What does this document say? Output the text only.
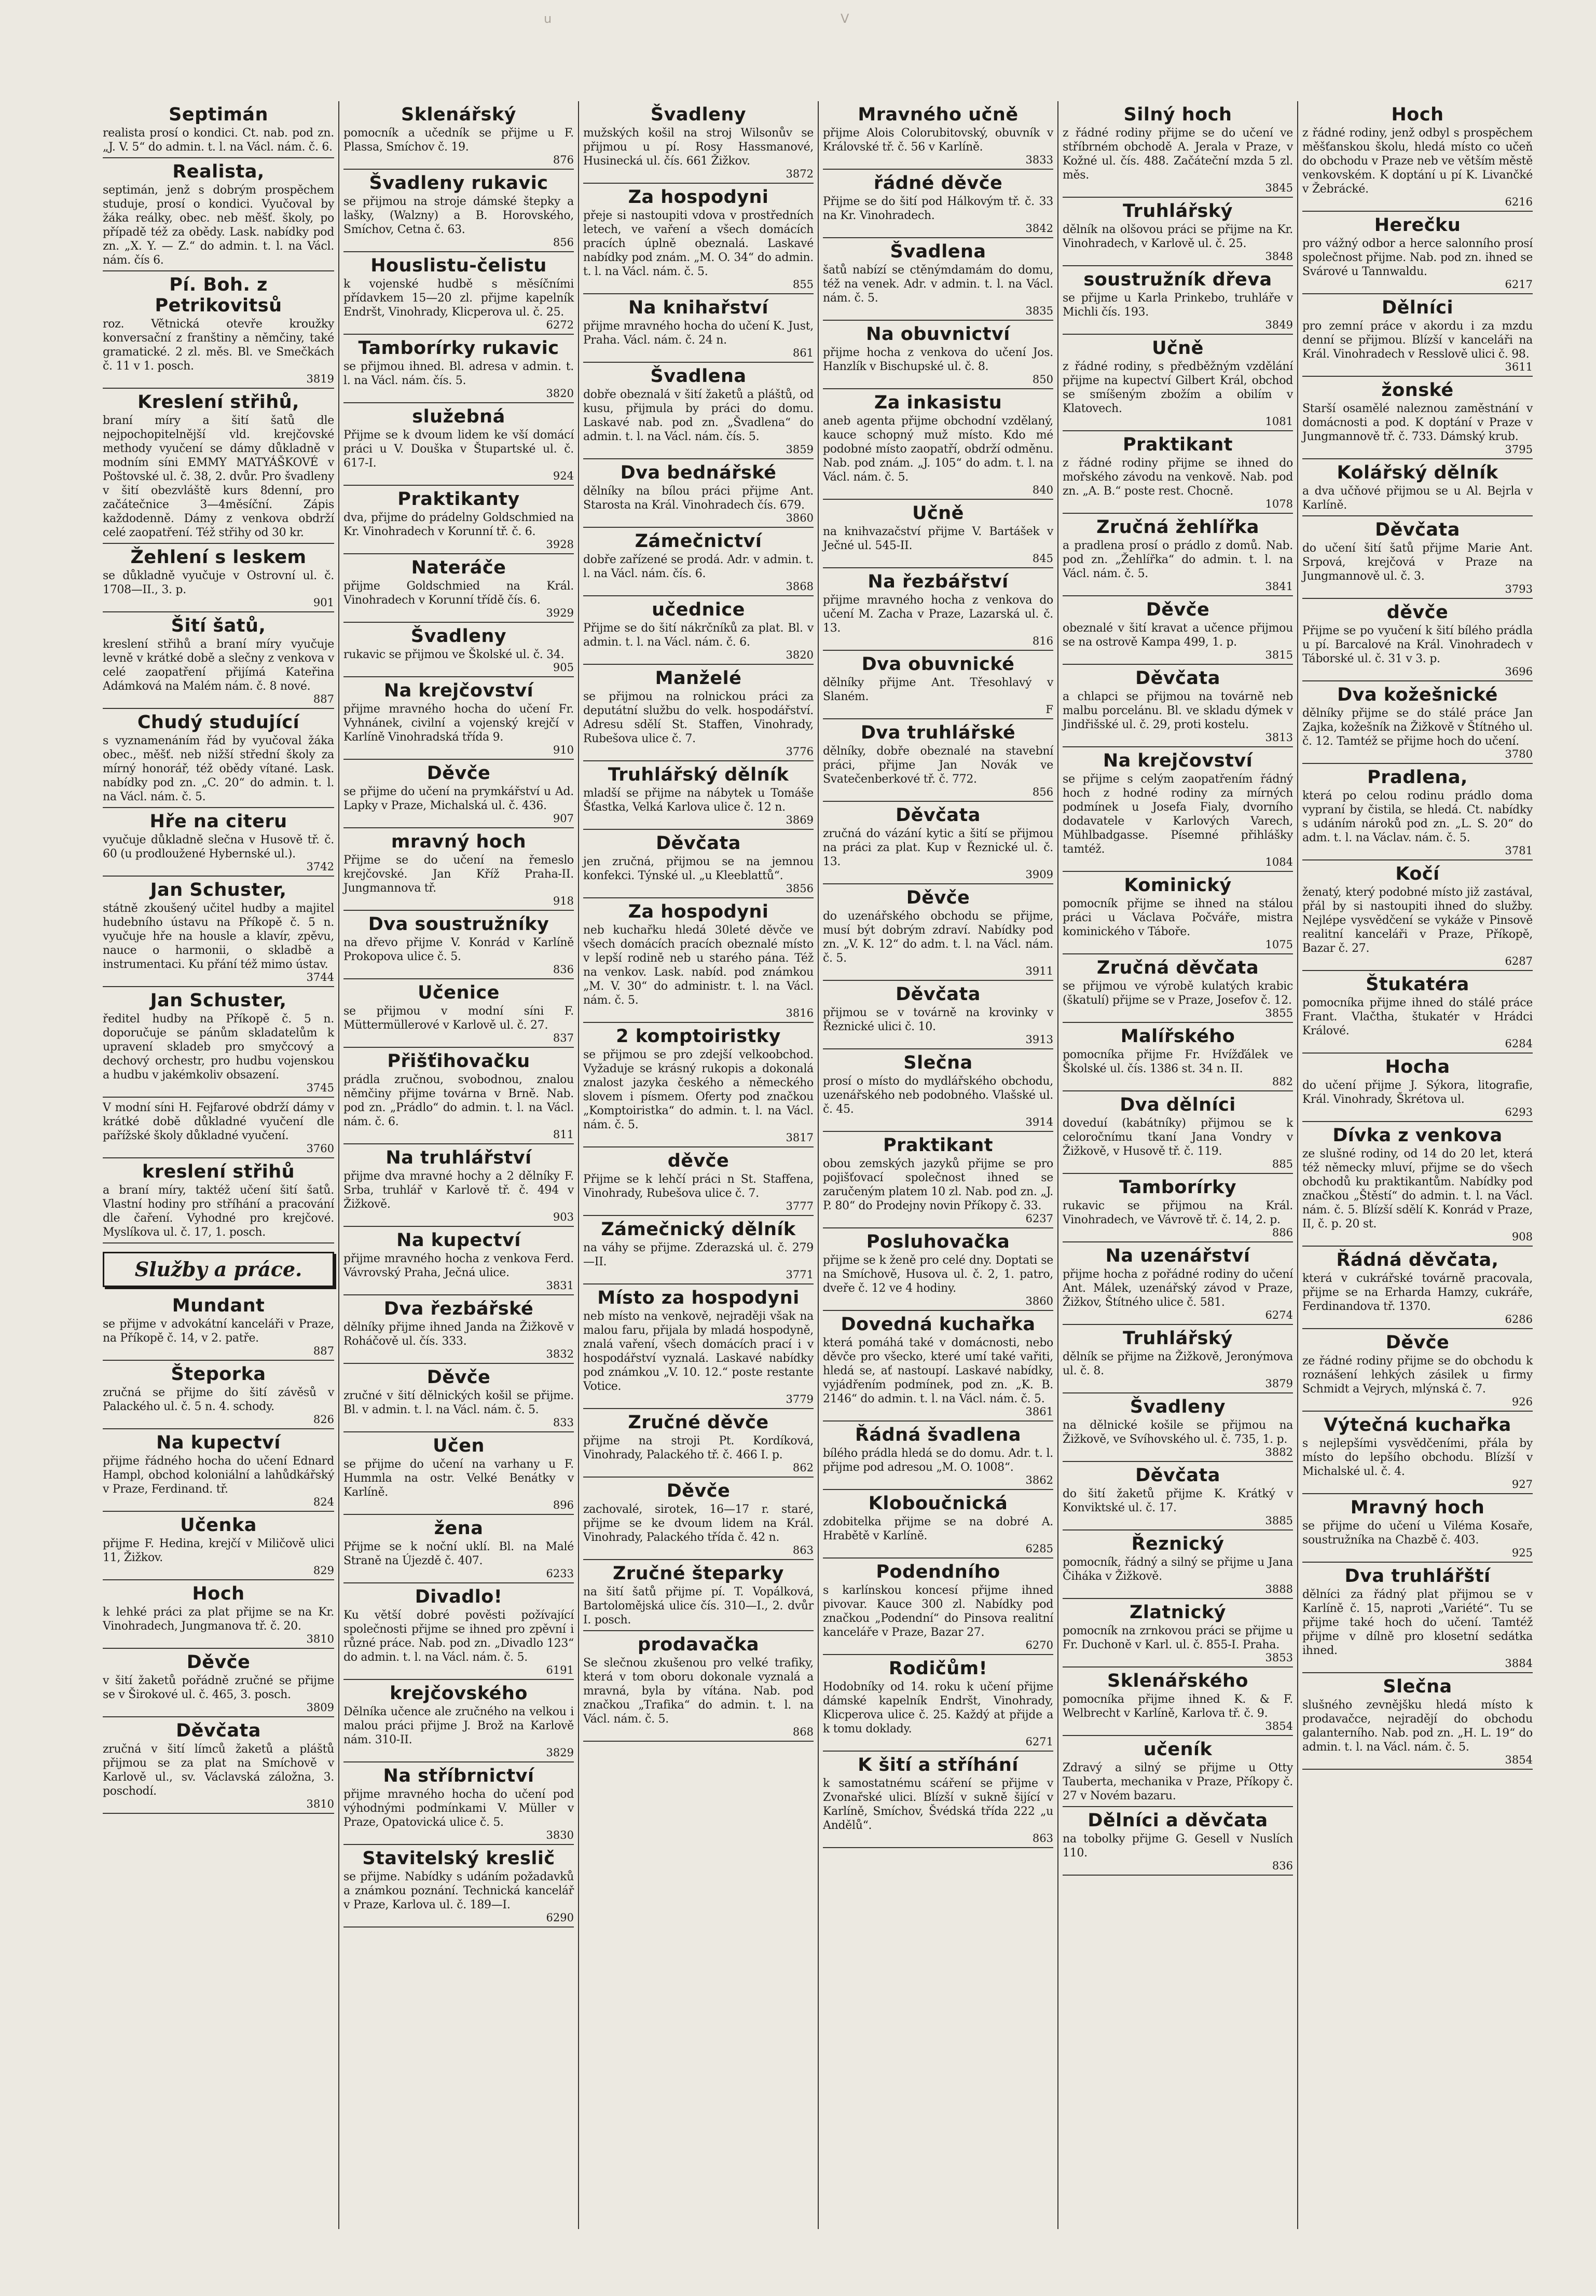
u	V
Septimán

realista prosí o kondici. Ct. nab. pod zn. „J. V. 5“ do admin. t. l. na Václ. nám. č. 6.

Realista,

septimán, jenž s dobrým prospěchem studuje, prosí o kondici. Vyučoval by žáka reálky, obec. neb měšť. školy, po případě též za obědy. Lask. nabídky pod zn. „X. Y. — Z.“ do admin. t. l. na Václ. nám. čís 6.

Pí. Boh. z Petrikovitsů

roz. Větnická otevře kroužky konversační z franštiny a němčiny, také gramatické. 2 zl. měs. Bl. ve Smečkách č. 11 v 1. posch.

3819
Kreslení střihů,

braní míry a šití šatů dle nejpochopitelnější vld. krejčovské methody vyučení se dámy důkladně v modním síni EMMY MATYÁŠKOVÉ v Poštovské ul. č. 38, 2. dvůr. Pro švadleny v šití obezvláště kurs 8denní, pro začátečnice 3—4měsíční. Zápis každodenně. Dámy z venkova obdrží celé zaopatření. Též střihy od 30 kr.

Žehlení s leskem

se důkladně vyučuje v Ostrovní ul. č. 1708—II., 3. p.

901
Šití šatů,

kreslení střihů a braní míry vyučuje levně v krátké době a slečny z venkova v celé zaopatření přijímá Kateřina Adámková na Malém nám. č. 8 nové.

887
Chudý studující

s vyznamenáním řád by vyučoval žáka obec., měšť. neb nižší střední školy za mírný honorář, též obědy vítané. Lask. nabídky pod zn. „C. 20“ do admin. t. l. na Václ. nám. č. 5.

Hře na citeru

vyučuje důkladně slečna v Husově tř. č. 60 (u prodloužené Hybernské ul.).

3742
Jan Schuster,

státně zkoušený učitel hudby a majitel hudebního ústavu na Příkopě č. 5 n. vyučuje hře na housle a klavír, zpěvu, nauce o harmonii, o skladbě a instrumentaci. Ku přání též mimo ústav.

3744
Jan Schuster,

ředitel hudby na Příkopě č. 5 n. doporučuje se pánům skladatelům k upravení skladeb pro smyčcový a dechový orchestr, pro hudbu vojenskou a hudbu v jakémkoliv obsazení.

3745

V modní síni H. Fejfarové obdrží dámy v krátké době důkladné vyučení dle pařížské školy důkladné vyučení.

3760
kreslení střihů

a braní míry, taktéž učení šití šatů. Vlastní hodiny pro stříhání a pracování dle čaření. Vyhodné pro krejčové. Myslíkova ul. č. 17, 1. posch.

Služby a práce.
Mundant

se přijme v advokátní kanceláři v Praze, na Příkopě č. 14, v 2. patře.

887
Šteporka

zručná se přijme do šití závěsů v Palackého ul. č. 5 n. 4. schody.

826
Na kupectví

přijme řádného hocha do učení Ednard Hampl, obchod koloniální a lahůdkářský v Praze, Ferdinand. tř.

824
Učenka

přijme F. Hedina, krejčí v Miličově ulici 11, Žižkov.

829
Hoch

k lehké práci za plat přijme se na Kr. Vinohradech, Jungmanova tř. č. 20.

3810
Děvče

v šití žaketů pořádně zručné se přijme se v Širokové ul. č. 465, 3. posch.

3809
Děvčata

zručná v šití límců žaketů a pláštů přijmou se za plat na Smíchově v Karlově ul., sv. Václavská záložna, 3. poschodí.

3810
Sklenářský

pomocník a učedník se přijme u F. Plassa, Smíchov č. 19.

876
Švadleny rukavic

se přijmou na stroje dámské štepky a lašky, (Walzny) a B. Horovského, Smíchov, Cetna č. 63.

856
Houslistu-čelistu

k vojenské hudbě s měsíčními přídavkem 15—20 zl. přijme kapelník Endršt, Vinohrady, Klicperova ul. č. 25.

6272
Tamborírky rukavic

se přijmou ihned. Bl. adresa v admin. t. l. na Václ. nám. čís. 5.

3820
služebná

Přijme se k dvoum lidem ke vší domácí práci u V. Douška v Štupartské ul. č. 617-I.

924
Praktikanty

dva, přijme do prádelny Goldschmied na Kr. Vinohradech v Korunní tř. č. 6.

3928
Nateráče

přijme Goldschmied na Král. Vinohradech v Korunní třídě čís. 6.

3929
Švadleny

rukavic se přijmou ve Školské ul. č. 34.

905
Na krejčovství

přijme mravného hocha do učení Fr. Vyhnánek, civilní a vojenský krejčí v Karlíně Vinohradská třída 9.

910
Děvče

se přijme do učení na prymkářství u Ad. Lapky v Praze, Michalská ul. č. 436.

907
mravný hoch

Přijme se do učení na řemeslo krejčovské. Jan Kříž Praha-II. Jungmannova tř.

918
Dva soustružníky

na dřevo přijme V. Konrád v Karlíně Prokopova ulice č. 5.

836
Učenice

se přijmou v modní síni F. Müttermüllerové v Karlově ul. č. 27.

837
Přišťihovačku

prádla zručnou, svobodnou, znalou němčiny přijme továrna v Brně. Nab. pod zn. „Prádlo“ do admin. t. l. na Václ. nám. č. 6.

811
Na truhlářství

přijme dva mravné hochy a 2 dělníky F. Srba, truhlář v Karlově tř. č. 494 v Žižkově.

903
Na kupectví

přijme mravného hocha z venkova Ferd. Vávrovský Praha, Ječná ulice.

3831
Dva řezbářské

dělníky přijme ihned Janda na Žižkově v Roháčově ul. čís. 333.

3832
Děvče

zručné v šití dělnických košil se přijme. Bl. v admin. t. l. na Václ. nám. č. 5.

833
Učen

se přijme do učení na varhany u F. Hummla na ostr. Velké Benátky v Karlíně.

896
žena

Přijme se k noční uklí. Bl. na Malé Straně na Újezdě č. 407.

6233
Divadlo!

Ku větší dobré pověsti požívající společnosti přijme se ihned pro zpěvní i různé práce. Nab. pod zn. „Divadlo 123“ do admin. t. l. na Václ. nám. č. 5.

6191
krejčovského

Dělníka učence ale zručného na velkou i malou práci přijme J. Brož na Karlově nám. 310-II.

3829
Na stříbrnictví

přijme mravného hocha do učení pod výhodnými podmínkami V. Müller v Praze, Opatovická ulice č. 5.

3830
Stavitelský kreslič

se přijme. Nabídky s udáním požadavků a známkou poznání. Technická kancelář v Praze, Karlova ul. č. 189—I.

6290
Švadleny

mužských košil na stroj Wilsonův se přijmou u pí. Rosy Hassmanové, Husinecká ul. čís. 661 Žižkov.

3872
Za hospodyni

přeje si nastoupiti vdova v prostředních letech, ve vaření a všech domácích pracích úplně obeznalá. Laskavé nabídky pod znám. „M. O. 34“ do admin. t. l. na Václ. nám. č. 5.

855
Na knihařství

přijme mravného hocha do učení K. Just, Praha. Václ. nám. č. 24 n.

861
Švadlena

dobře obeznalá v šití žaketů a pláštů, od kusu, přijmula by práci do domu. Laskavé nab. pod zn. „Švadlena“ do admin. t. l. na Václ. nám. čís. 5.

3859
Dva bednářské

dělníky na bílou práci přijme Ant. Starosta na Král. Vinohradech čís. 679.

3860
Zámečnictví

dobře zařízené se prodá. Adr. v admin. t. l. na Václ. nám. čís. 6.

3868
učednice

Přijme se do šití nákrčníků za plat. Bl. v admin. t. l. na Václ. nám. č. 6.

3820
Manželé

se přijmou na rolnickou práci za deputátní službu do velk. hospodářství. Adresu sdělí St. Staffen, Vinohrady, Rubešova ulice č. 7.

3776
Truhlářský dělník

mladší se přijme na nábytek u Tomáše Šťastka, Velká Karlova ulice č. 12 n.

3869
Děvčata

jen zručná, přijmou se na jemnou konfekci. Týnské ul. „u Kleeblattů“.

3856
Za hospodyni

neb kuchařku hledá 30leté děvče ve všech domácích pracích obeznalé místo v lepší rodině neb u starého pána. Též na venkov. Lask. nabíd. pod známkou „M. V. 30“ do administr. t. l. na Václ. nám. č. 5.

3816
2 komptoiristky

se přijmou se pro zdejší velkoobchod. Vyžaduje se krásný rukopis a dokonalá znalost jazyka českého a německého slovem i písmem. Oferty pod značkou „Komptoiristka“ do admin. t. l. na Václ. nám. č. 5.

3817
děvče

Přijme se k lehčí práci n St. Staffena, Vinohrady, Rubešova ulice č. 7.

3777
Zámečnický dělník

na váhy se přijme. Zderazská ul. č. 279—II.

3771
Místo za hospodyni

neb místo na venkově, nejraději však na malou faru, přijala by mladá hospodyně, znalá vaření, všech domácích prací i v hospodářství vyznalá. Laskavé nabídky pod známkou „V. 10. 12.“ poste restante Votice.

3779
Zručné děvče

přijme na stroji Pt. Kordíková, Vinohrady, Palackého tř. č. 466 I. p.

862
Děvče

zachovalé, sirotek, 16—17 r. staré, přijme se ke dvoum lidem na Král. Vinohrady, Palackého třída č. 42 n.

863
Zručné šteparky

na šití šatů přijme pí. T. Vopálková, Bartolomějská ulice čís. 310—I., 2. dvůr I. posch.

prodavačka

Se slečnou zkušenou pro velké trafiky, která v tom oboru dokonale vyznalá a mravná, byla by vítána. Nab. pod značkou „Trafika“ do admin. t. l. na Václ. nám. č. 5.

868
Mravného učně

přijme Alois Colorubitovský, obuvník v Královské tř. č. 56 v Karlíně.

3833
řádné děvče

Přijme se do šití pod Hálkovým tř. č. 33 na Kr. Vinohradech.

3842
Švadlena

šatů nabízí se ctěnýmdamám do domu, též na venek. Adr. v admin. t. l. na Václ. nám. č. 5.

3835
Na obuvnictví

přijme hocha z venkova do učení Jos. Hanzlík v Bischupské ul. č. 8.

850
Za inkasistu

aneb agenta přijme obchodní vzdělaný, kauce schopný muž místo. Kdo mé podobné místo zaopatří, obdrží odměnu. Nab. pod znám. „J. 105“ do adm. t. l. na Václ. nám. č. 5.

840
Učně

na knihvazačství přijme V. Bartášek v Ječné ul. 545-II.

845
Na řezbářství

přijme mravného hocha z venkova do učení M. Zacha v Praze, Lazarská ul. č. 13.

816
Dva obuvnické

dělníky přijme Ant. Třesohlavý v Slaném.

F
Dva truhlářské

dělníky, dobře obeznalé na stavební práci, přijme Jan Novák ve Svatečenberkové tř. č. 772.

856
Děvčata

zručná do vázání kytic a šití se přijmou na práci za plat. Kup v Řeznické ul. č. 13.

3909
Děvče

do uzenářského obchodu se přijme, musí být dobrým zdraví. Nabídky pod zn. „V. K. 12“ do adm. t. l. na Václ. nám. č. 5.

3911
Děvčata

přijmou se v továrně na krovinky v Řeznické ulici č. 10.

3913
Slečna

prosí o místo do mydlářského obchodu, uzenářského neb podobného. Vlašské ul. č. 45.

3914
Praktikant

obou zemských jazyků přijme se pro pojišťovací společnost ihned se zaručeným platem 10 zl. Nab. pod zn. „J. P. 80“ do Prodejny novin Příkopy č. 33.

6237
Posluhovačka

přijme se k ženě pro celé dny. Doptati se na Smíchově, Husova ul. č. 2, 1. patro, dveře č. 12 ve 4 hodiny.

3860
Dovedná kuchařka

která pomáhá také v domácnosti, nebo děvče pro všecko, které umí také vařiti, hledá se, ať nastoupí. Laskavé nabídky, vyjádřením podmínek, pod zn. „K. B. 2146“ do admin. t. l. na Václ. nám. č. 5.

3861
Řádná švadlena

bílého prádla hledá se do domu. Adr. t. l. přijme pod adresou „M. O. 1008“.

3862
Kloboučnická

zdobitelka přijme se na dobré A. Hrabětě v Karlíně.

6285
Podendního

s karlínskou koncesí přijme ihned pivovar. Kauce 300 zl. Nabídky pod značkou „Podendní“ do Pinsova realitní kanceláře v Praze, Bazar 27.

6270
Rodičům!

Hodobníky od 14. roku k učení přijme dámské kapelník Endršt, Vinohrady, Klicperova ulice č. 25. Každý at přijde a k tomu doklady.

6271
K šití a stříhání

k samostatnému scáření se přijme v Zvonařské ulici. Blízší v sukně šijící v Karlíně, Smíchov, Švédská třída 222 „u Andělů“.

863
Silný hoch

z řádné rodiny přijme se do učení ve stříbrném obchodě A. Jerala v Praze, v Kožné ul. čís. 488. Začáteční mzda 5 zl. měs.

3845
Truhlářský

dělník na olšovou práci se přijme na Kr. Vinohradech, v Karlově ul. č. 25.

3848
soustružník dřeva

se přijme u Karla Prinkebo, truhláře v Michli čís. 193.

3849
Učně

z řádné rodiny, s předběžným vzdělání přijme na kupectví Gilbert Král, obchod se smíšeným zbožím a obilím v Klatovech.

1081
Praktikant

z řádné rodiny přijme se ihned do mořského závodu na venkově. Nab. pod zn. „A. B.“ poste rest. Chocně.

1078
Zručná žehlířka

a pradlena prosí o prádlo z domů. Nab. pod zn. „Žehlířka“ do admin. t. l. na Václ. nám. č. 5.

3841
Děvče

obeznalé v šití kravat a učence přijmou se na ostrově Kampa 499, 1. p.

3815
Děvčata

a chlapci se přijmou na továrně neb malbu porcelánu. Bl. ve skladu dýmek v Jindřišské ul. č. 29, proti kostelu.

3813
Na krejčovství

se přijme s celým zaopatřením řádný hoch z hodné rodiny za mírných podmínek u Josefa Fialy, dvorního dodavatele v Karlových Varech, Mühlbadgasse. Písemné přihlášky tamtéž.

1084
Kominický

pomocník přijme se ihned na stálou práci u Václava Počváře, mistra kominického v Táboře.

1075
Zručná děvčata

se přijmou ve výrobě kulatých krabic (škatulí) přijme se v Praze, Josefov č. 12.

3855
Malířského

pomocníka přijme Fr. Hvížďálek ve Školské ul. čís. 1386 st. 34 n. II.

882
Dva dělníci

doveduí (kabátníky) přijmou se k celoročnímu tkaní Jana Vondry v Žižkově, v Husově tř. č. 119.

885
Tamborírky

rukavic se přijmou na Král. Vinohradech, ve Vávrově tř. č. 14, 2. p.

886
Na uzenářství

přijme hocha z pořádné rodiny do učení Ant. Málek, uzenářský závod v Praze, Žižkov, Štítného ulice č. 581.

6274
Truhlářský

dělník se přijme na Žižkově, Jeronýmova ul. č. 8.

3879
Švadleny

na dělnické košile se přijmou na Žižkově, ve Svíhovského ul. č. 735, 1. p.

3882
Děvčata

do šití žaketů přijme K. Krátký v Konviktské ul. č. 17.

3885
Řeznický

pomocník, řádný a silný se přijme u Jana Čiháka v Žižkově.

3888
Zlatnický

pomocník na zrnkovou práci se přijme u Fr. Duchoně v Karl. ul. č. 855-I. Praha.

3853
Sklenářského

pomocníka přijme ihned K. & F. Welbrecht v Karlíně, Karlova tř. č. 9.

3854
učeník

Zdravý a silný se přijme u Otty Tauberta, mechanika v Praze, Příkopy č. 27 v Novém bazaru.

Dělníci a děvčata

na tobolky přijme G. Gesell v Nuslích 110.

836
Hoch

z řádné rodiny, jenž odbyl s prospěchem měšťanskou školu, hledá místo co učeň do obchodu v Praze neb ve větším městě venkovském. K doptání u pí K. Livančké v Žebrácké.

6216
Herečku

pro vážný odbor a herce salonního prosí společnost přijme. Nab. pod zn. ihned se Svárové u Tannwaldu.

6217
Dělníci

pro zemní práce v akordu i za mzdu denní se přijmou. Blízší v kanceláři na Král. Vinohradech v Resslově ulici č. 98.

3611
žonské

Starší osamělé naleznou zaměstnání v domácnosti a pod. K doptání v Praze v Jungmannově tř. č. 733. Dámský krub.

3795
Kolářský dělník

a dva učňové přijmou se u Al. Bejrla v Karlíně.

Děvčata

do učení šití šatů přijme Marie Ant. Srpová, krejčová v Praze na Jungmannově ul. č. 3.

3793
děvče

Přijme se po vyučení k šití bílého prádla u pí. Barcalové na Král. Vinohradech v Táborské ul. č. 31 v 3. p.

3696
Dva kožešnické

dělníky přijme se do stálé práce Jan Zajka, kožešník na Žižkově v Štítného ul. č. 12. Tamtéž se přijme hoch do učení.

3780
Pradlena,

která po celou rodinu prádlo doma vypraní by čistila, se hledá. Ct. nabídky s udáním nároků pod zn. „L. S. 20“ do adm. t. l. na Václav. nám. č. 5.

3781
Kočí

ženatý, který podobné místo již zastával, přál by si nastoupiti ihned do služby. Nejlépe vysvědčení se vykáže v Pinsově realitní kanceláři v Praze, Příkopě, Bazar č. 27.

6287
Štukatéra

pomocníka přijme ihned do stálé práce Frant. Vlačtha, štukatér v Hrádci Králové.

6284
Hocha

do učení přijme J. Sýkora, litografie, Král. Vinohrady, Škrétova ul.

6293
Dívka z venkova

ze slušné rodiny, od 14 do 20 let, která též německy mluví, přijme se do všech obchodů ku praktikantům. Nabídky pod značkou „Štěstí“ do admin. t. l. na Václ. nám. č. 5. Blízší sdělí K. Konrád v Praze, II, č. p. 20 st.

908
Řádná děvčata,

která v cukrářské továrně pracovala, přijme se na Erharda Hamzy, cukráře, Ferdinandova tř. 1370.

6286
Děvče

ze řádné rodiny přijme se do obchodu k roznášení lehkých zásilek u firmy Schmidt a Vejrych, mlýnská č. 7.

926
Výtečná kuchařka

s nejlepšími vysvědčeními, přála by místo do lepšího obchodu. Blízší v Michalské ul. č. 4.

927
Mravný hoch

se přijme do učení u Viléma Kosaře, soustružníka na Chazbě č. 403.

925
Dva truhlářští

dělníci za řádný plat přijmou se v Karlíně č. 15, naproti „Variété“. Tu se přijme také hoch do učení. Tamtéž přijme v dílně pro klosetní sedátka ihned.

3884
Slečna

slušného zevnějšku hledá místo k prodavačce, nejradějí do obchodu galanterního. Nab. pod zn. „H. L. 19“ do admin. t. l. na Václ. nám. č. 5.

3854
